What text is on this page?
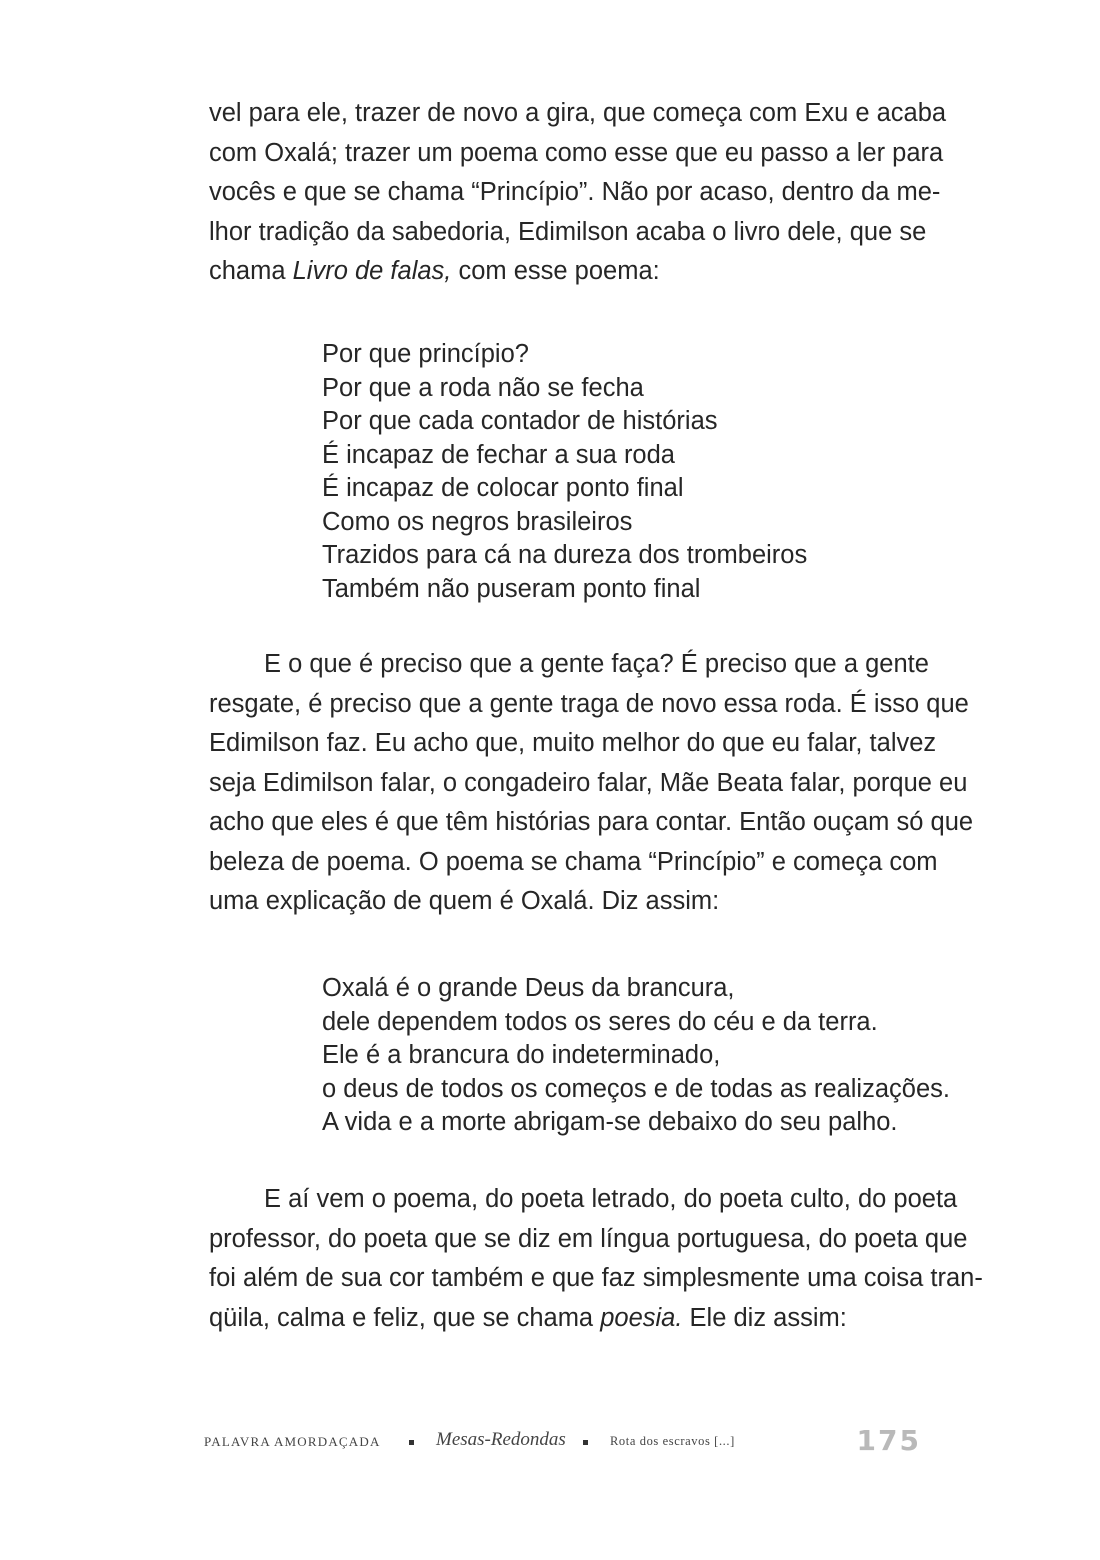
vel para ele, trazer de novo a gira, que começa com Exu e acaba
com Oxalá; trazer um poema como esse que eu passo a ler para
vocês e que se chama “Princípio”. Não por acaso, dentro da me-
lhor tradição da sabedoria, Edimilson acaba o livro dele, que se
chama Livro de falas, com esse poema:
Por que princípio?
Por que a roda não se fecha
Por que cada contador de histórias
É incapaz de fechar a sua roda
É incapaz de colocar ponto final
Como os negros brasileiros
Trazidos para cá na dureza dos trombeiros
Também não puseram ponto final
E o que é preciso que a gente faça? É preciso que a gente
resgate, é preciso que a gente traga de novo essa roda. É isso que
Edimilson faz. Eu acho que, muito melhor do que eu falar, talvez
seja Edimilson falar, o congadeiro falar, Mãe Beata falar, porque eu
acho que eles é que têm histórias para contar. Então ouçam só que
beleza de poema. O poema se chama “Princípio” e começa com
uma explicação de quem é Oxalá. Diz assim:
Oxalá é o grande Deus da brancura,
dele dependem todos os seres do céu e da terra.
Ele é a brancura do indeterminado,
o deus de todos os começos e de todas as realizações.
A vida e a morte abrigam-se debaixo do seu palho.
E aí vem o poema, do poeta letrado, do poeta culto, do poeta
professor, do poeta que se diz em língua portuguesa, do poeta que
foi além de sua cor também e que faz simplesmente uma coisa tran-
qüila, calma e feliz, que se chama poesia. Ele diz assim:
PALAVRA AMORDAÇADA	Mesas-Redondas	Rota dos escravos [...]	175
